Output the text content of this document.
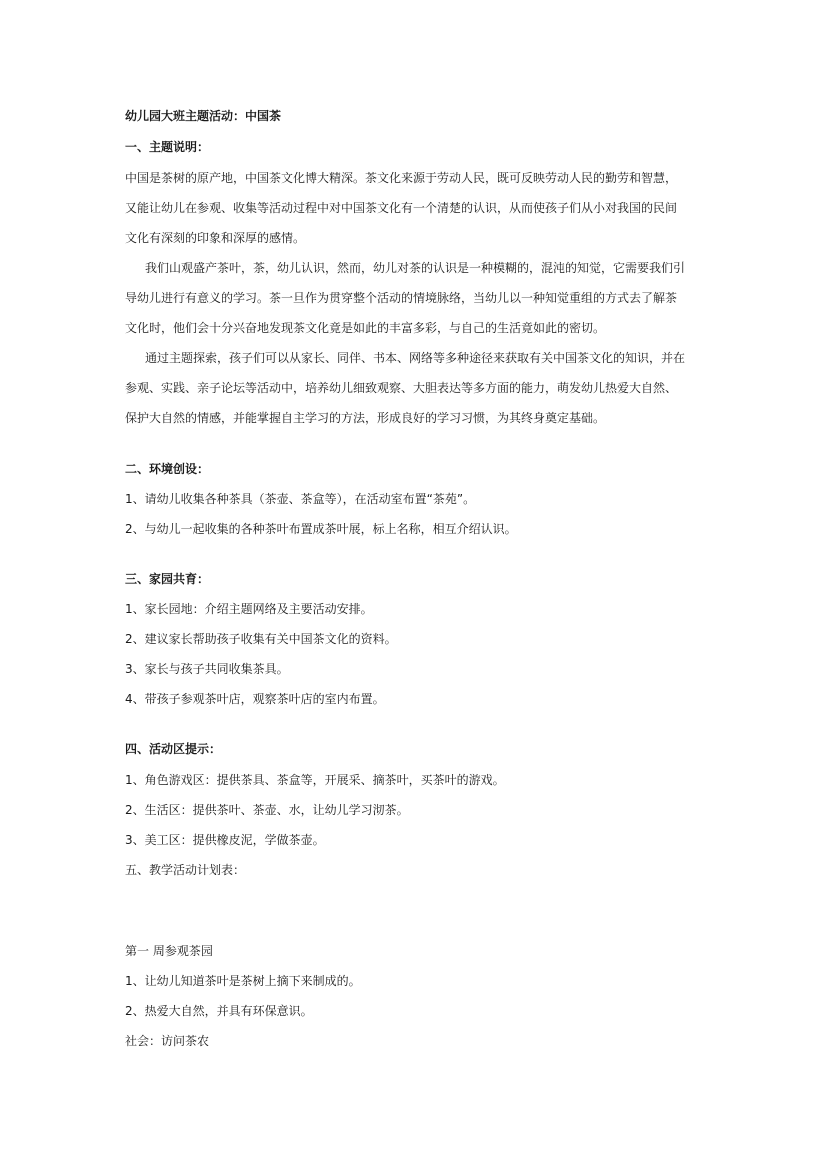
幼儿园大班主题活动：中国茶

一、主题说明：

中国是茶树的原产地，中国茶文化博大精深。茶文化来源于劳动人民，既可反映劳动人民的勤劳和智慧，

又能让幼儿在参观、收集等活动过程中对中国茶文化有一个清楚的认识，从而使孩子们从小对我国的民间

文化有深刻的印象和深厚的感情。

我们山观盛产茶叶，茶，幼儿认识，然而，幼儿对茶的认识是一种模糊的，混沌的知觉，它需要我们引

导幼儿进行有意义的学习。茶一旦作为贯穿整个活动的情境脉络，当幼儿以一种知觉重组的方式去了解茶

文化时，他们会十分兴奋地发现茶文化竟是如此的丰富多彩，与自己的生活竟如此的密切。

通过主题探索，孩子们可以从家长、同伴、书本、网络等多种途径来获取有关中国茶文化的知识，并在

参观、实践、亲子论坛等活动中，培养幼儿细致观察、大胆表达等多方面的能力，萌发幼儿热爱大自然、

保护大自然的情感，并能掌握自主学习的方法，形成良好的学习习惯，为其终身奠定基础。

二、环境创设：

1、请幼儿收集各种茶具（茶壶、茶盒等），在活动室布置“茶苑”。

2、与幼儿一起收集的各种茶叶布置成茶叶展，标上名称，相互介绍认识。

三、家园共育：

1、家长园地：介绍主题网络及主要活动安排。

2、建议家长帮助孩子收集有关中国茶文化的资料。

3、家长与孩子共同收集茶具。

4、带孩子参观茶叶店，观察茶叶店的室内布置。

四、活动区提示：

1、角色游戏区：提供茶具、茶盒等，开展采、摘茶叶，买茶叶的游戏。

2、生活区：提供茶叶、茶壶、水，让幼儿学习沏茶。

3、美工区：提供橡皮泥，学做茶壶。

五、教学活动计划表：

第一 周参观茶园

1、让幼儿知道茶叶是茶树上摘下来制成的。

2、热爱大自然，并具有环保意识。

社会：访问茶农
